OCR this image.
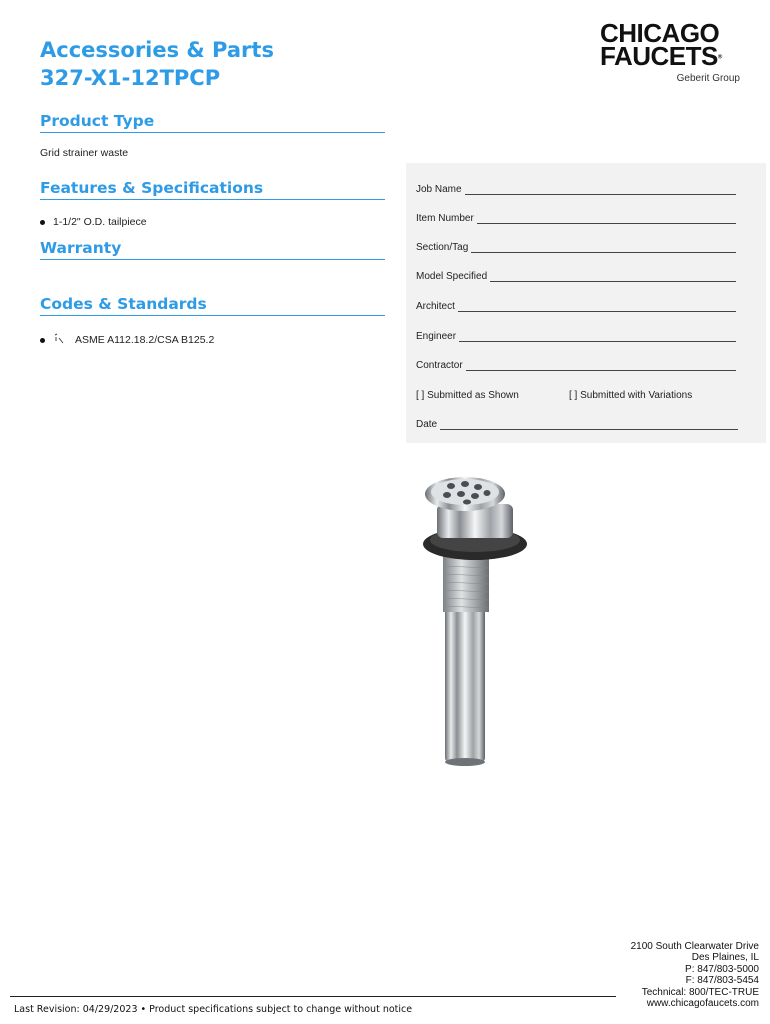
Accessories & Parts
327-X1-12TPCP
CHICAGO
FAUCETS®
Geberit Group
Product Type
Grid strainer waste
Features & Specifications
1-1/2" O.D. tailpiece
Warranty
Codes & Standards
ASME A112.18.2/CSA B125.2
Job Name
Item Number
Section/Tag
Model Specified
Architect
Engineer
Contractor
[ ] Submitted as Shown	[ ] Submitted with Variations
Date
2100 South Clearwater Drive
Des Plaines, IL
P: 847/803-5000
F: 847/803-5454
Technical: 800/TEC-TRUE
www.chicagofaucets.com
Last Revision: 04/29/2023 • Product specifications subject to change without notice
